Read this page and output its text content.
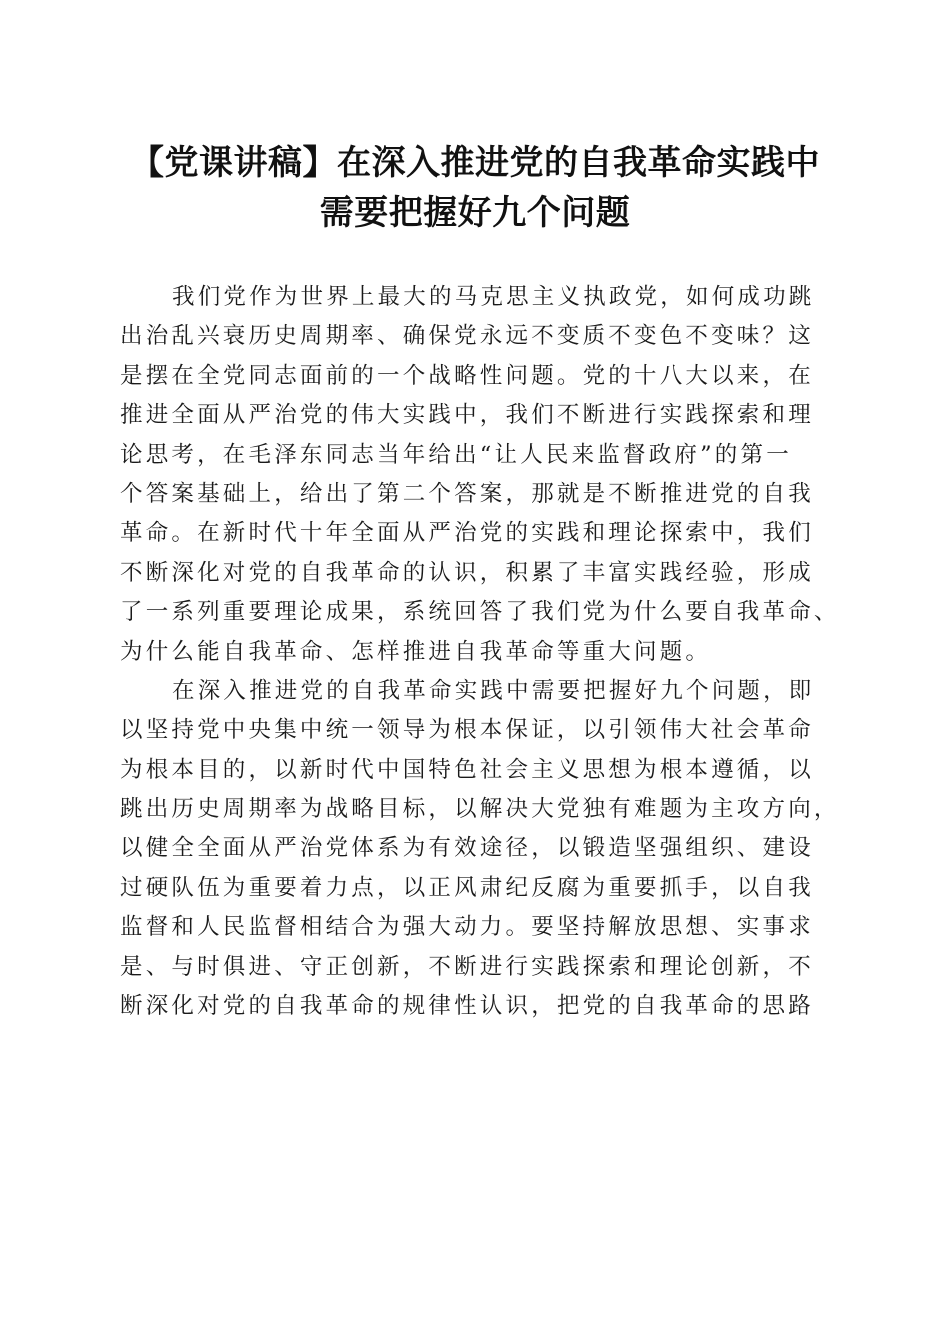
【党课讲稿】在深入推进党的自我革命实践中
需要把握好九个问题
我们党作为世界上最大的马克思主义执政党，如何成功跳
出治乱兴衰历史周期率、确保党永远不变质不变色不变味？这
是摆在全党同志面前的一个战略性问题。党的十八大以来，在
推进全面从严治党的伟大实践中，我们不断进行实践探索和理
论思考，在毛泽东同志当年给出“让人民来监督政府”的第一
个答案基础上，给出了第二个答案，那就是不断推进党的自我
革命。在新时代十年全面从严治党的实践和理论探索中，我们
不断深化对党的自我革命的认识，积累了丰富实践经验，形成
了一系列重要理论成果，系统回答了我们党为什么要自我革命、
为什么能自我革命、怎样推进自我革命等重大问题。
在深入推进党的自我革命实践中需要把握好九个问题，即
以坚持党中央集中统一领导为根本保证，以引领伟大社会革命
为根本目的，以新时代中国特色社会主义思想为根本遵循，以
跳出历史周期率为战略目标，以解决大党独有难题为主攻方向，
以健全全面从严治党体系为有效途径，以锻造坚强组织、建设
过硬队伍为重要着力点，以正风肃纪反腐为重要抓手，以自我
监督和人民监督相结合为强大动力。要坚持解放思想、实事求
是、与时俱进、守正创新，不断进行实践探索和理论创新，不
断深化对党的自我革命的规律性认识，把党的自我革命的思路
